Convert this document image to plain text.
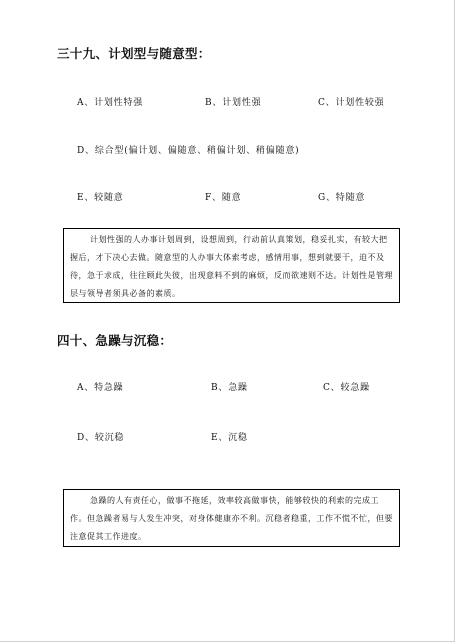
三十九、计划型与随意型：
A、计划性特强	B、计划性强	C、计划性较强
D、综合型(偏计划、偏随意、稍偏计划、稍偏随意)
E、较随意	F、随意	G、特随意
计划性强的人办事计划周到，设想周到，行动前认真策划，稳妥扎实，有较大把握后，才下决心去做。随意型的人办事大体索考虑，感情用事，想到就要干，迫不及待，急于求成，往往顾此失彼，出现意料不到的麻烦，反而欲速则不达。计划性是管理层与领导者须具必备的素质。
四十、急躁与沉稳：
A、特急躁	B、急躁	C、较急躁
D、较沉稳	E、沉稳
急躁的人有责任心，做事不拖延，效率较高做事快，能够较快的利索的完成工作。但急躁者易与人发生冲突，对身体健康亦不利。沉稳者稳重，工作不慌不忙，但要注意促其工作进度。
